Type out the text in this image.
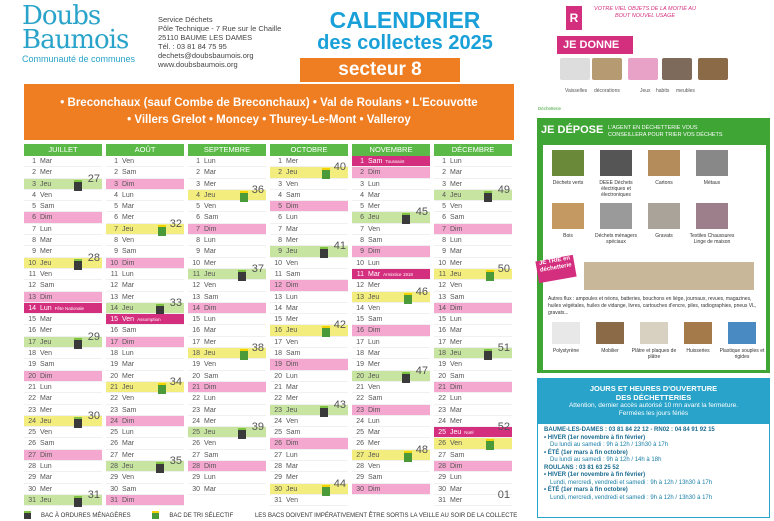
Doubs
Baumois
Communauté de communes
Service Déchets
Pôle Technique - 7 Rue sur le Chaille
25110 BAUME LES DAMES
Tél. : 03 81 84 75 95
dechets@doubsbaumois.org
www.doubsbaumois.org
CALENDRIER
des collectes 2025
secteur 8
• Breconchaux (sauf Combe de Breconchaux) • Val de Roulans • L'Ecouvotte
• Villers Grelot • Moncey • Thurey-Le-Mont • Valleroy
JUILLET
1 Mar
2 Mer
3 Jeu	27
4 Ven
5 Sam
6 Dim
7 Lun
8 Mar
9 Mer
10 Jeu	28
11 Ven
12 Sam
13 Dim
14 Lun Fête Nationale
15 Mar
16 Mer
17 Jeu	29
18 Ven
19 Sam
20 Dim
21 Lun
22 Mar
23 Mer
24 Jeu	30
25 Ven
26 Sam
27 Dim
28 Lun
29 Mar
30 Mer
31 Jeu	31
AOÛT
1 Ven
2 Sam
3 Dim
4 Lun
5 Mar
6 Mer
7 Jeu	32
8 Ven
9 Sam
10 Dim
11 Lun
12 Mar
13 Mer
14 Jeu	33
15 Ven Assomption
16 Sam
17 Dim
18 Lun
19 Mar
20 Mer
21 Jeu	34
22 Ven
23 Sam
24 Dim
25 Lun
26 Mar
27 Mer
28 Jeu	35
29 Ven
30 Sam
31 Dim
SEPTEMBRE
1 Lun
2 Mar
3 Mer
4 Jeu	36
5 Ven
6 Sam
7 Dim
8 Lun
9 Mar
10 Mer
11 Jeu	37
12 Ven
13 Sam
14 Dim
15 Lun
16 Mar
17 Mer
18 Jeu	38
19 Ven
20 Sam
21 Dim
22 Lun
23 Mar
24 Mer
25 Jeu	39
26 Ven
27 Sam
28 Dim
29 Lun
30 Mar
OCTOBRE
1 Mer
2 Jeu	40
3 Ven
4 Sam
5 Dim
6 Lun
7 Mar
8 Mer
9 Jeu	41
10 Ven
11 Sam
12 Dim
13 Lun
14 Mar
15 Mer
16 Jeu	42
17 Ven
18 Sam
19 Dim
20 Lun
21 Mar
22 Mer
23 Jeu	43
24 Ven
25 Sam
26 Dim
27 Lun
28 Mar
29 Mer
30 Jeu	44
31 Ven
NOVEMBRE
1 Sam Toussaint
2 Dim
3 Lun
4 Mar
5 Mer
6 Jeu	45
7 Ven
8 Sam
9 Dim
10 Lun
11 Mar Armistice 1918
12 Mer
13 Jeu	46
14 Ven
15 Sam
16 Dim
17 Lun
18 Mar
19 Mer
20 Jeu	47
21 Ven
22 Sam
23 Dim
24 Lun
25 Mar
26 Mer
27 Jeu	48
28 Ven
29 Sam
30 Dim
DÉCEMBRE
1 Lun
2 Mar
3 Mer
4 Jeu	49
5 Ven
6 Sam
7 Dim
8 Lun
9 Mar
10 Mer
11 Jeu	50
12 Ven
13 Sam
14 Dim
15 Lun
16 Mar
17 Mer
18 Jeu	51
19 Ven
20 Sam
21 Dim
22 Lun
23 Mar
24 Mer
25 Jeu Noël 52
26 Ven
27 Sam
28 Dim
29 Lun
30 Mar
31 Mer	01
BAC À ORDURES MÉNAGÈRES	BAC DE TRI SÉLECTIF	LES BACS DOIVENT IMPÉRATIVEMENT ÊTRE SORTIS LA VEILLE AU SOIR DE LA COLLECTE
VOTRE VIEL OBJETS DE LA MOITIÉ AU BOUT NOUVEL USAGE
R
JE DONNE
Vaisselles décorations	Jeux habits meubles
Déchetterie
JE DÉPOSE L'AGENT EN DÉCHETTERIE VOUS CONSEILLERA POUR TRIER VOS DÉCHETS
Déchets verts	DEEE Déchets électriques et électroniques
Cartons	Métaux
Bois	Déchets ménagers spéciaux
Gravats	Textiles Chaussures Linge de maison
JE TRIE en déchetterie
Autres flux : ampoules et néons, batteries, bouchons en liège, journaux, revues, magazines, huiles végétales, huiles de vidange, livres, cartouches d'encre, piles, radiographies, pneus VL, gravats...
Polystyrène	Mobilier	Plâtre et plaques de plâtre
Huisseries	Plastique souples et rigides
JOURS ET HEURES D'OUVERTURE
DES DÉCHETTERIES
Attention, dernier accès autorisé 10 mn avant la fermeture.
Fermées les jours fériés
BAUME-LES-DAMES : 03 81 84 22 12 - RN02 : 04 84 91 92 15
• HIVER (1er novembre à fin février)
Du lundi au samedi : 9h à 12h / 13h30 à 17h
• ÉTÉ (1er mars à fin octobre)
Du lundi au samedi : 9h à 12h / 14h à 18h
ROULANS : 03 81 63 25 52
• HIVER (1er novembre à fin février)
Lundi, mercredi, vendredi et samedi : 9h à 12h / 13h30 à 17h
• ÉTÉ (1er mars à fin octobre)
Lundi, mercredi, vendredi et samedi : 9h à 12h / 13h30 à 17h
